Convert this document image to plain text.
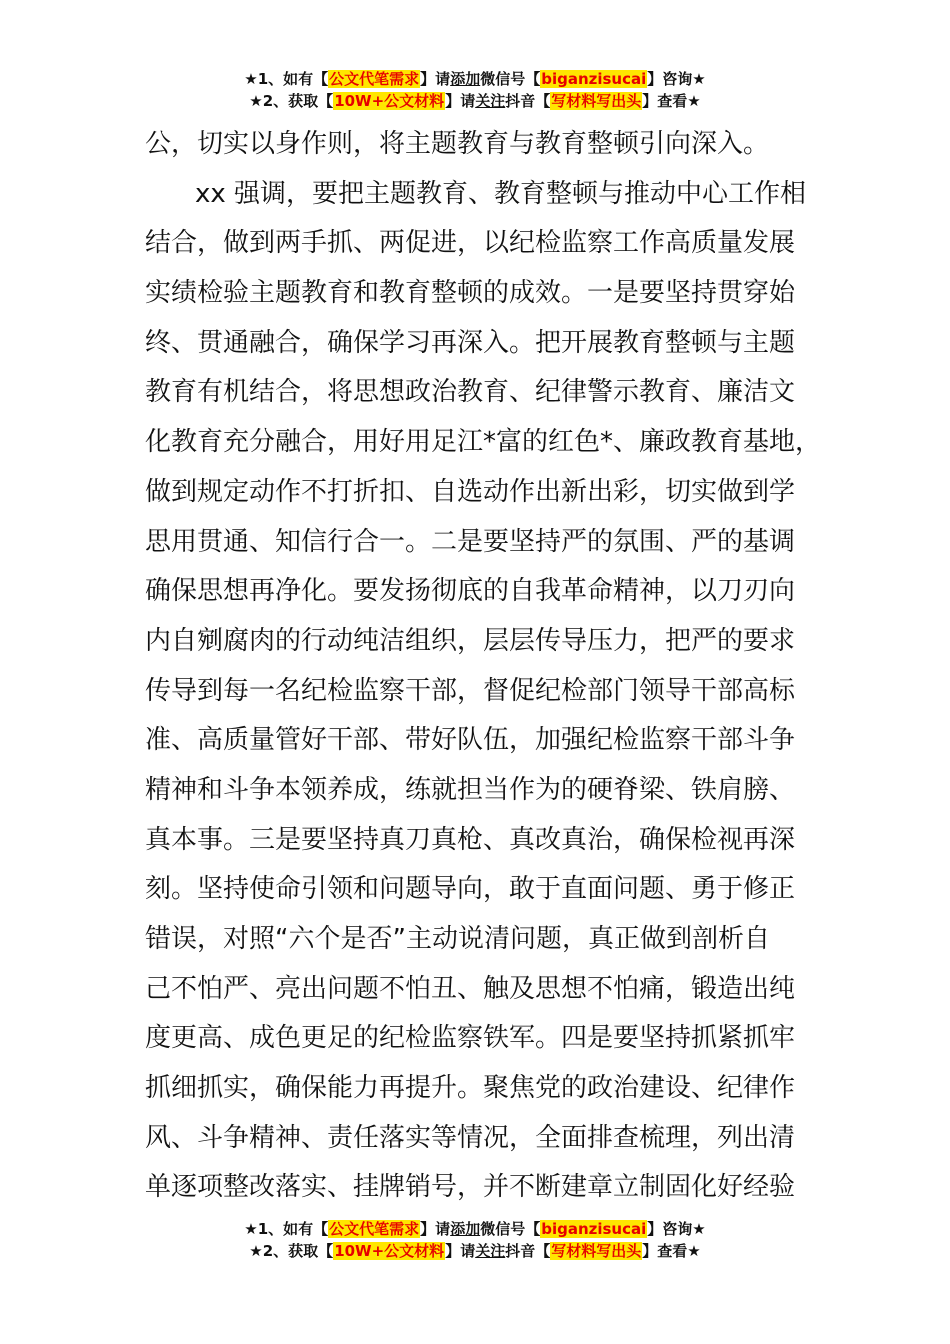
★1、如有【公文代笔需求】请添加微信号【biganzisucai】咨询★
★2、获取【10W+公文材料】请关注抖音【写材料写出头】查看★
公，切实以身作则，将主题教育与教育整顿引向深入。
xx 强调，要把主题教育、教育整顿与推动中心工作相
结合，做到两手抓、两促进，以纪检监察工作高质量发展
实绩检验主题教育和教育整顿的成效。一是要坚持贯穿始
终、贯通融合，确保学习再深入。把开展教育整顿与主题
教育有机结合，将思想政治教育、纪律警示教育、廉洁文
化教育充分融合，用好用足江*富的红色*、廉政教育基地，
做到规定动作不打折扣、自选动作出新出彩，切实做到学
思用贯通、知信行合一。二是要坚持严的氛围、严的基调
确保思想再净化。要发扬彻底的自我革命精神，以刀刃向
内自剜腐肉的行动纯洁组织，层层传导压力，把严的要求
传导到每一名纪检监察干部，督促纪检部门领导干部高标
准、高质量管好干部、带好队伍，加强纪检监察干部斗争
精神和斗争本领养成，练就担当作为的硬脊梁、铁肩膀、
真本事。三是要坚持真刀真枪、真改真治，确保检视再深
刻。坚持使命引领和问题导向，敢于直面问题、勇于修正
错误，对照“六个是否”主动说清问题，真正做到剖析自
己不怕严、亮出问题不怕丑、触及思想不怕痛，锻造出纯
度更高、成色更足的纪检监察铁军。四是要坚持抓紧抓牢
抓细抓实，确保能力再提升。聚焦党的政治建设、纪律作
风、斗争精神、责任落实等情况，全面排查梳理，列出清
单逐项整改落实、挂牌销号，并不断建章立制固化好经验
★1、如有【公文代笔需求】请添加微信号【biganzisucai】咨询★
★2、获取【10W+公文材料】请关注抖音【写材料写出头】查看★
